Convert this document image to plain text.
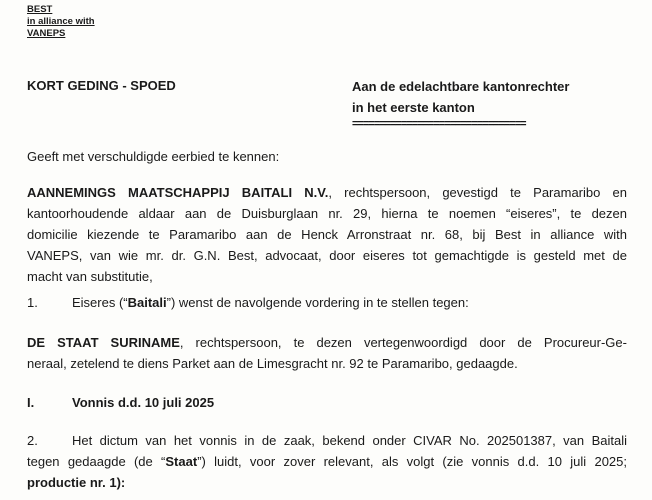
BEST
in alliance with
VANEPS
KORT GEDING - SPOED	Aan de edelachtbare kantonrechter
in het eerste kanton
================================
Geeft met verschuldigde eerbied te kennen:
AANNEMINGS MAATSCHAPPIJ BAITALI N.V., rechtspersoon, gevestigd te Paramaribo en
kantoorhoudende aldaar aan de Duisburglaan nr. 29, hierna te noemen “eiseres”, te dezen
domicilie kiezende te Paramaribo aan de Henck Arronstraat nr. 68, bij Best in alliance with
VANEPS, van wie mr. dr. G.N. Best, advocaat, door eiseres tot gemachtigde is gesteld met de
macht van substitutie,
1.	Eiseres (“Baitali”) wenst de navolgende vordering in te stellen tegen:
DE STAAT SURINAME, rechtspersoon, te dezen vertegenwoordigd door de Procureur-Ge-
neraal, zetelend te diens Parket aan de Limesgracht nr. 92 te Paramaribo, gedaagde.
I.	Vonnis d.d. 10 juli 2025
2.	Het dictum van het vonnis in de zaak, bekend onder CIVAR No. 202501387, van Baitali
tegen gedaagde (de “Staat”) luidt, voor zover relevant, als volgt (zie vonnis d.d. 10 juli 2025;
productie nr. 1):
